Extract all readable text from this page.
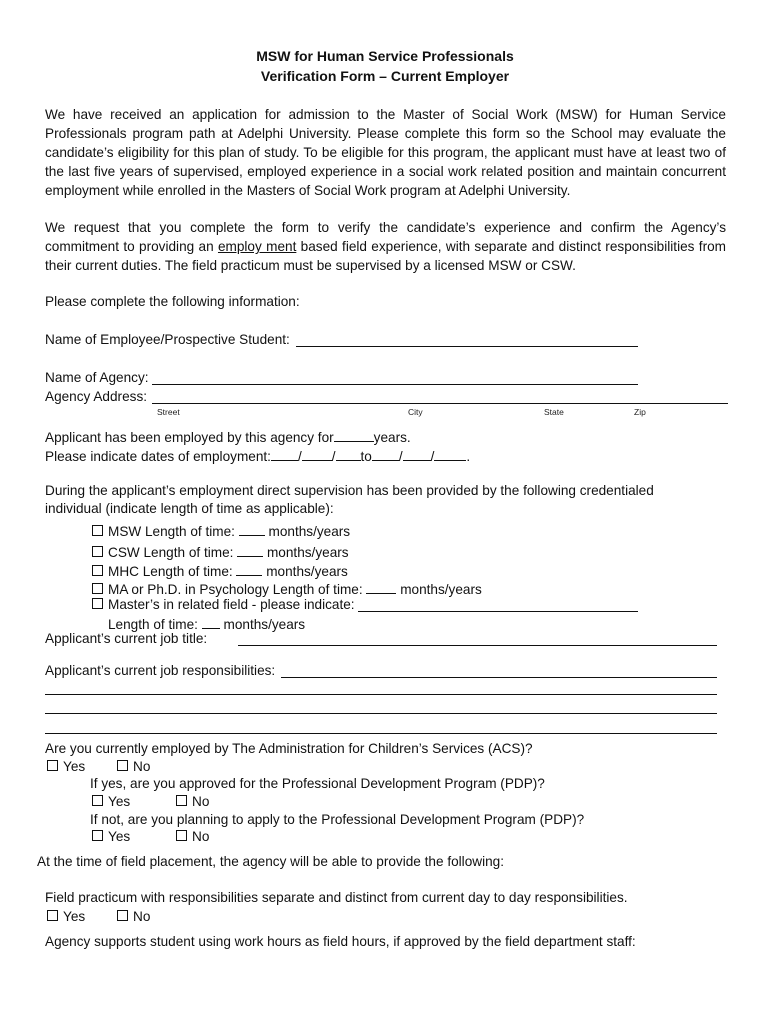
MSW for Human Service Professionals
Verification Form – Current Employer
We have received an application for admission to the Master of Social Work (MSW) for Human Service Professionals program path at Adelphi University. Please complete this form so the School may evaluate the candidate’s eligibility for this plan of study. To be eligible for this program, the applicant must have at least two of the last five years of supervised, employed experience in a social work related position and maintain concurrent employment while enrolled in the Masters of Social Work program at Adelphi University.
We request that you complete the form to verify the candidate’s experience and confirm the Agency’s commitment to providing an employ ment based field experience, with separate and distinct responsibilities from their current duties. The field practicum must be supervised by a licensed MSW or CSW.
Please complete the following information:
Name of Employee/Prospective Student:
Name of Agency:
Agency Address:
Street	City	State	Zip
Applicant has been employed by this agency for	years.
Please indicate dates of employment: / / to / / .
During the applicant’s employment direct supervision has been provided by the following credentialed
individual (indicate length of time as applicable):
MSW Length of time: months/years
CSW Length of time: months/years
MHC Length of time: months/years
MA or Ph.D. in Psychology Length of time:	months/years
Master’s in related field - please indicate:
Length of time: months/years
Applicant’s current job title:
Applicant’s current job responsibilities:
Are you currently employed by The Administration for Children’s Services (ACS)?
Yes	No
If yes, are you approved for the Professional Development Program (PDP)?
Yes	No
If not, are you planning to apply to the Professional Development Program (PDP)?
Yes	No
At the time of field placement, the agency will be able to provide the following:
Field practicum with responsibilities separate and distinct from current day to day responsibilities.
Yes	No
Agency supports student using work hours as field hours, if approved by the field department staff:
